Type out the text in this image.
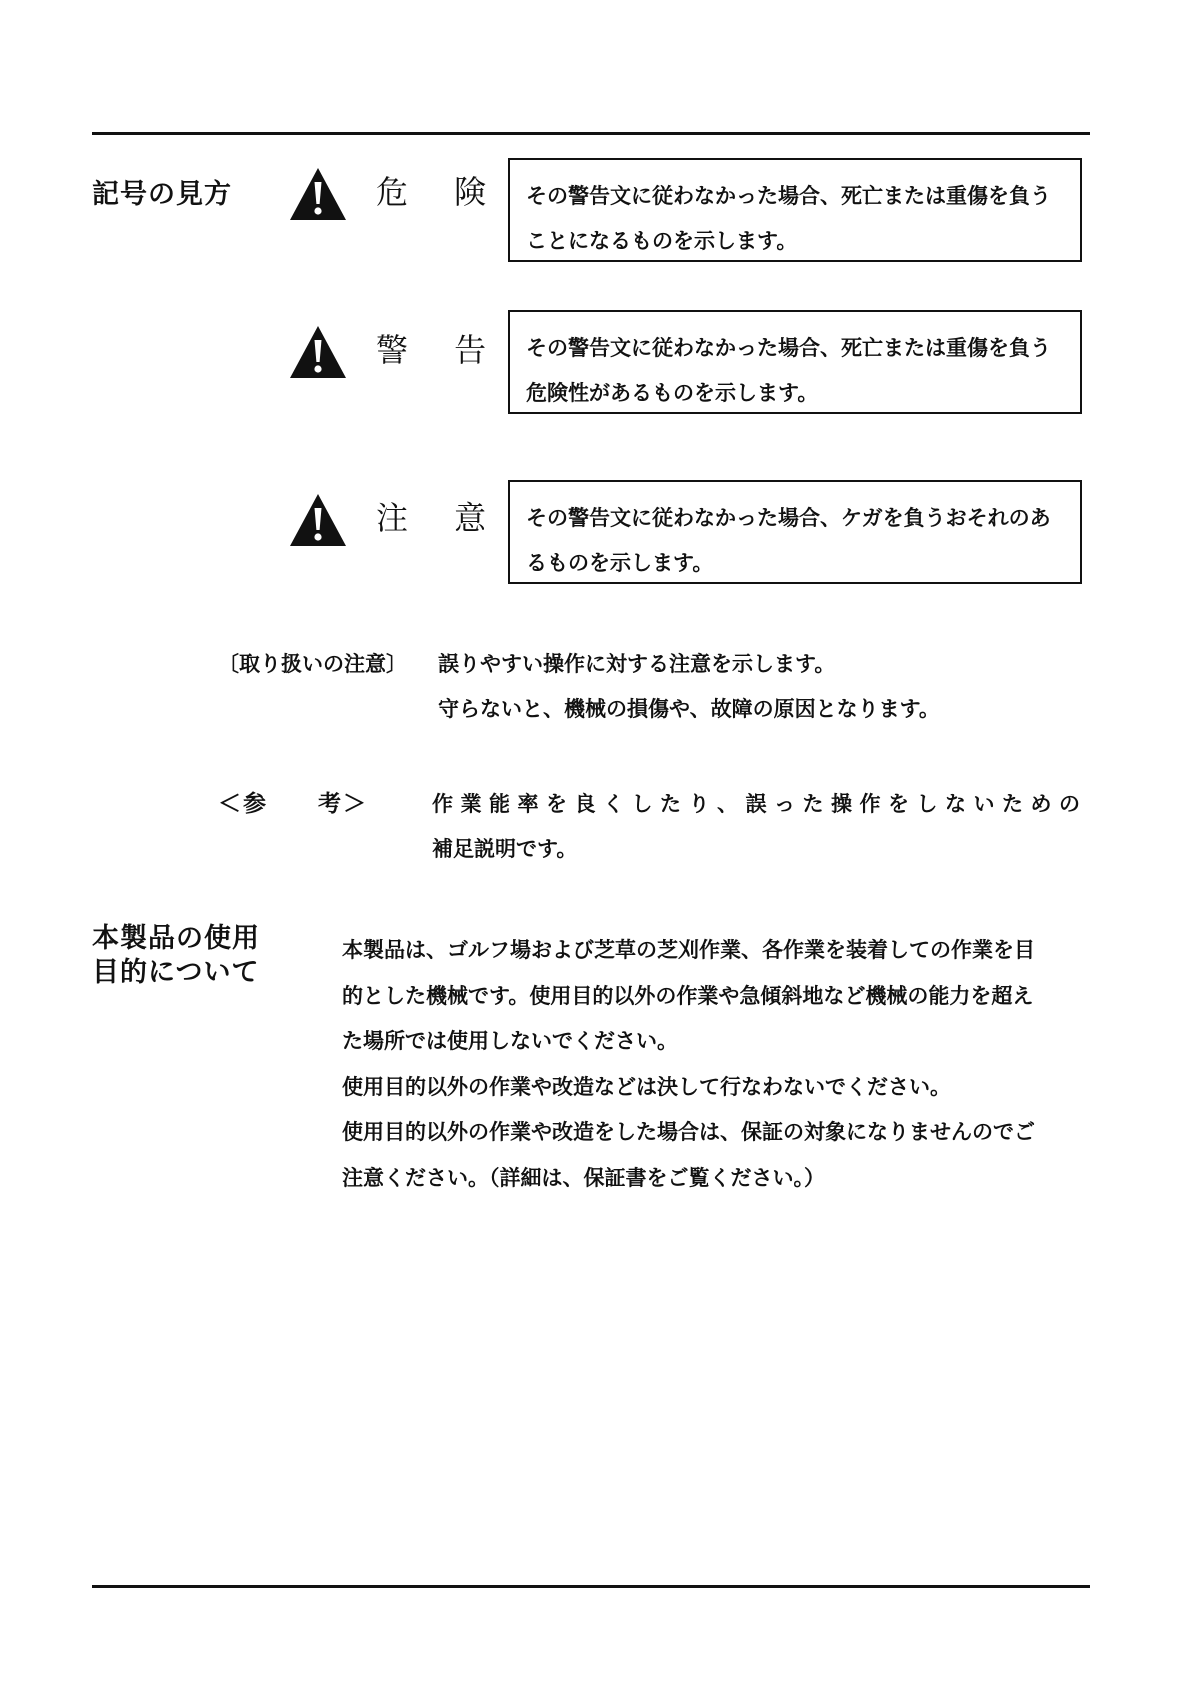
記号の見方	危 険 その警告文に従わなかった場合、死亡または重傷を負う
ことになるものを示します。
警 告 その警告文に従わなかった場合、死亡または重傷を負う
危険性があるものを示します。
注 意 その警告文に従わなかった場合、ケガを負うおそれのあ
るものを示します。
〔取り扱いの注意〕 誤りやすい操作に対する注意を示します。
守らないと、機械の損傷や、故障の原因となります。
＜参　　考＞	作業能率を良くしたり、誤った操作をしないための
補足説明です。
本製品の使用
目的について
本製品は、ゴルフ場および芝草の芝刈作業、各作業を装着しての作業を目
的とした機械です。使用目的以外の作業や急傾斜地など機械の能力を超え
た場所では使用しないでください。
使用目的以外の作業や改造などは決して行なわないでください。
使用目的以外の作業や改造をした場合は、保証の対象になりませんのでご
注意ください。（詳細は、保証書をご覧ください。）
